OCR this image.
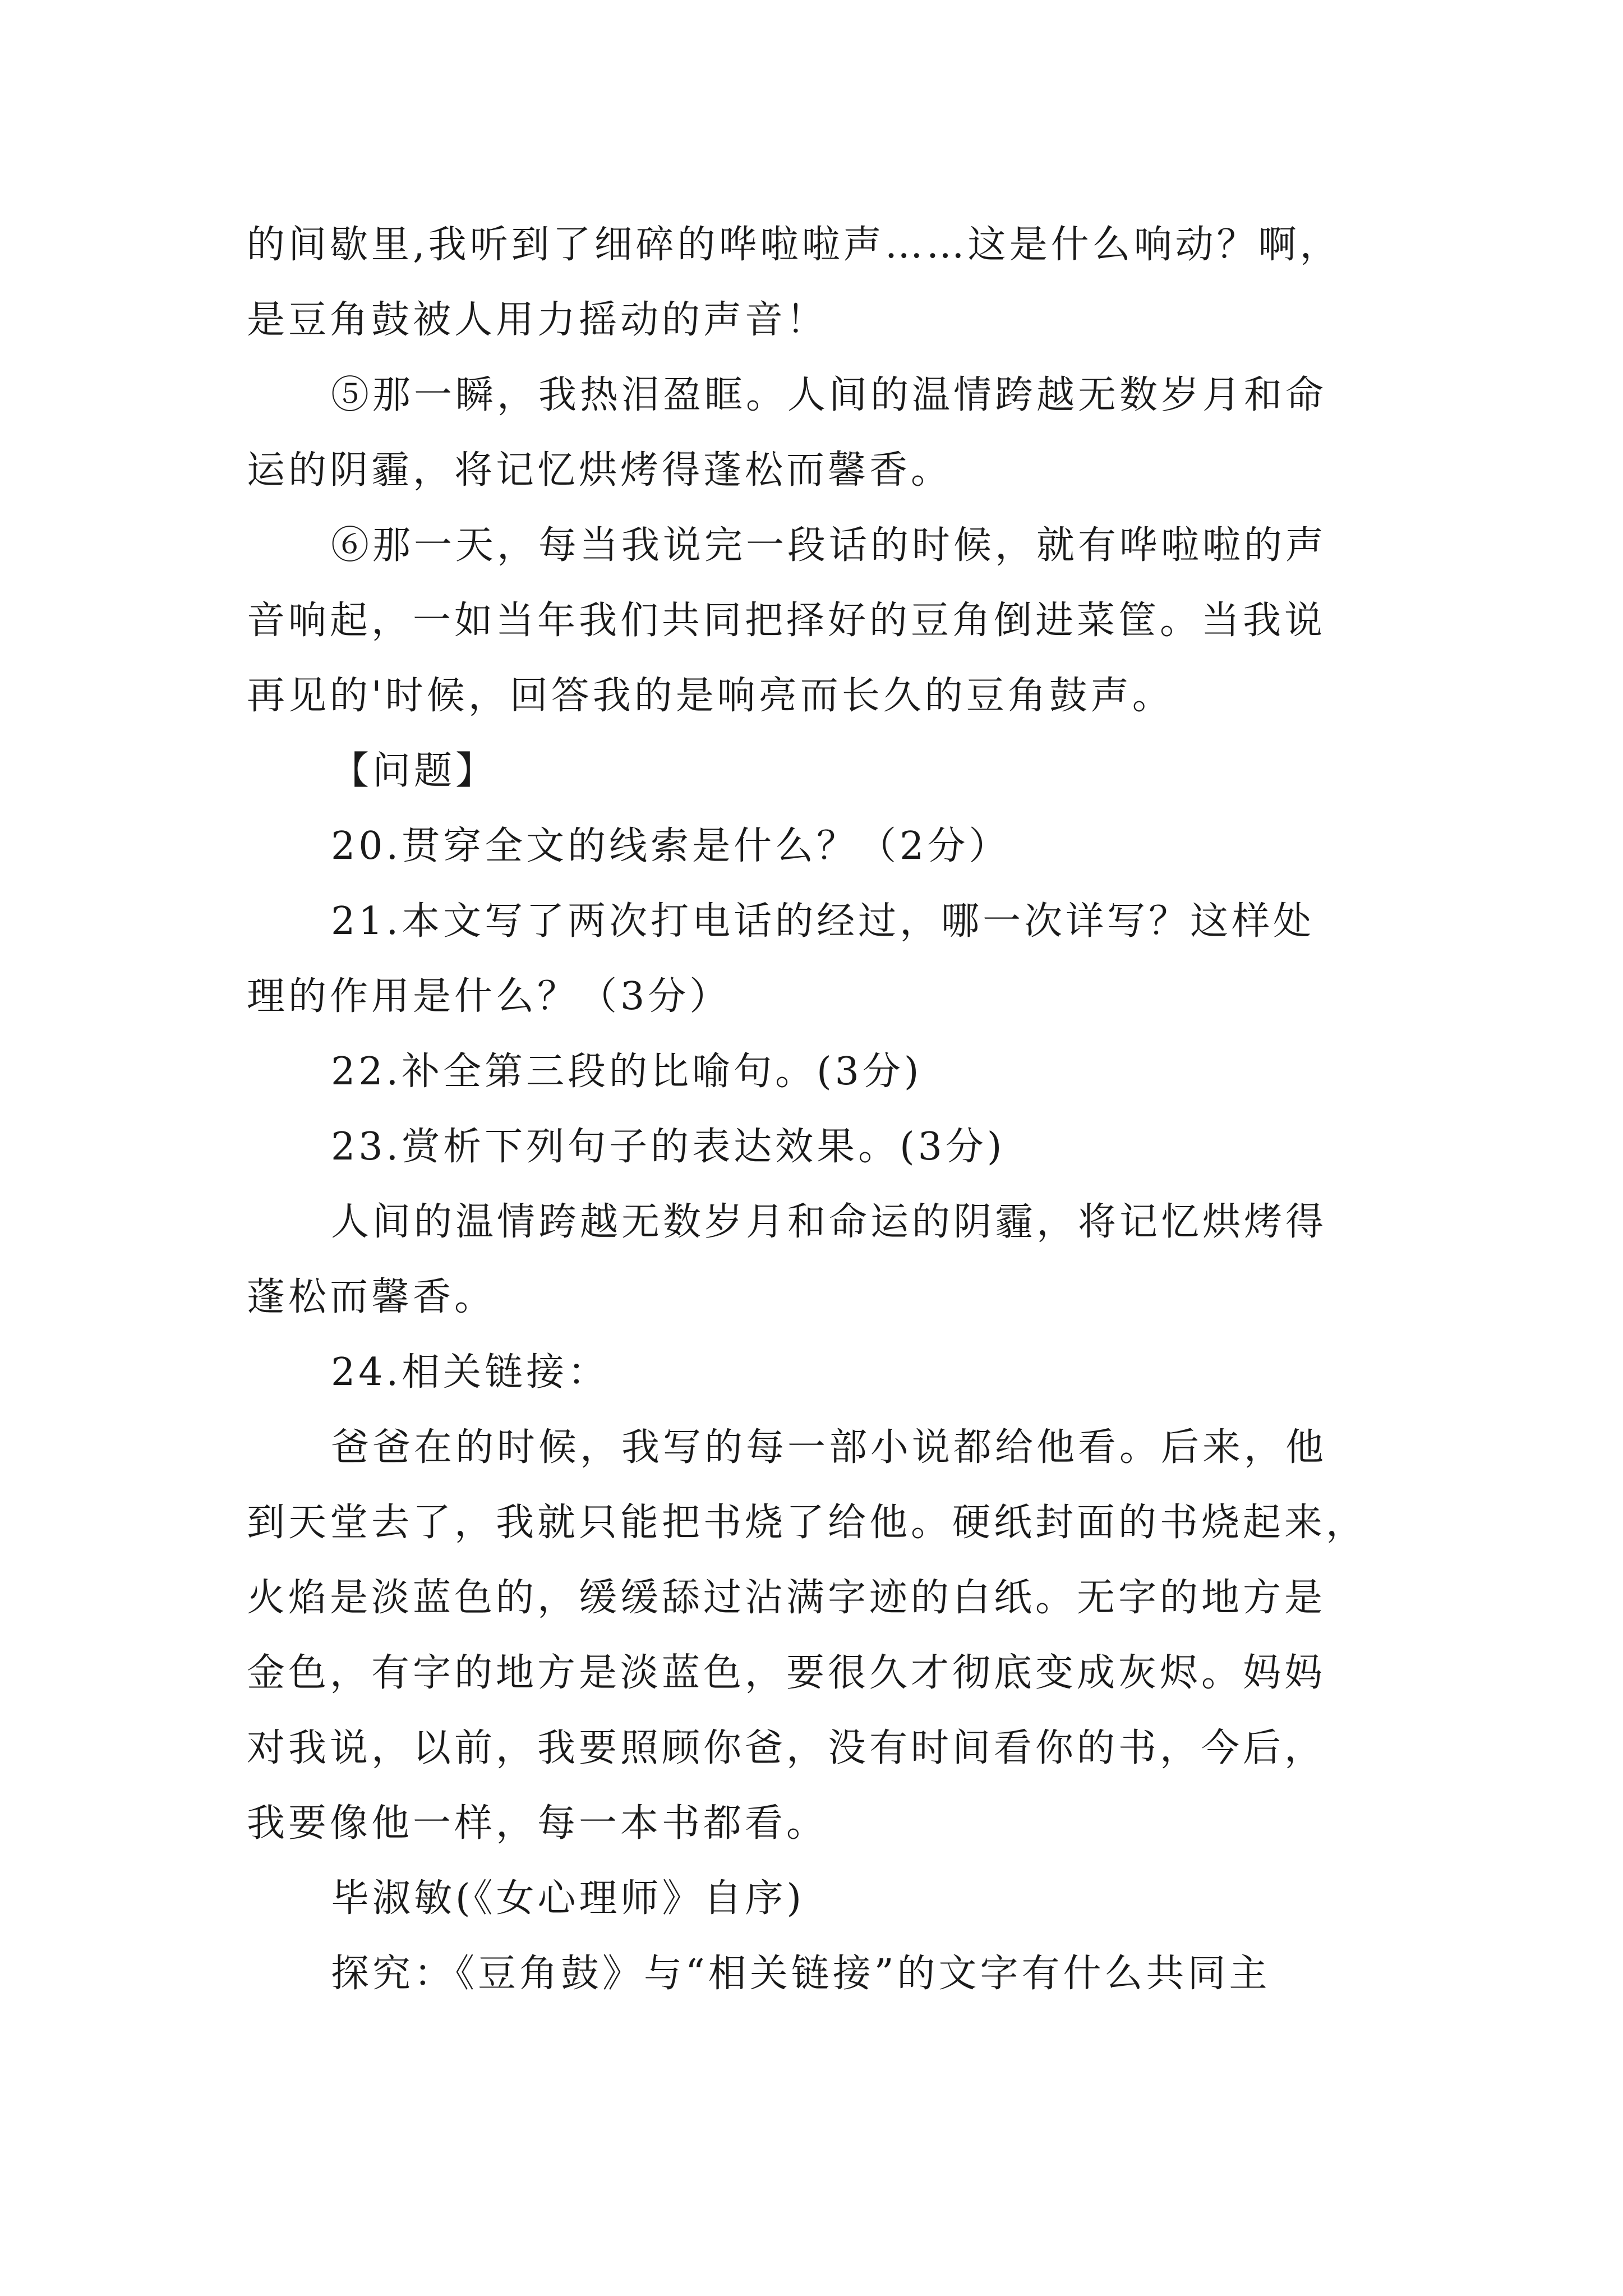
的间歇里,我听到了细碎的哗啦啦声……这是什么响动？啊，
是豆角鼓被人用力摇动的声音！
⑤那一瞬，我热泪盈眶。人间的温情跨越无数岁月和命
运的阴霾，将记忆烘烤得蓬松而馨香。
⑥那一天，每当我说完一段话的时候，就有哗啦啦的声
音响起，一如当年我们共同把择好的豆角倒进菜筐。当我说
再见的'时候，回答我的是响亮而长久的豆角鼓声。
【问题】
20.贯穿全文的线索是什么？（2分）
21.本文写了两次打电话的经过，哪一次详写？这样处
理的作用是什么？（3分）
22.补全第三段的比喻句。(3分)
23.赏析下列句子的表达效果。(3分)
人间的温情跨越无数岁月和命运的阴霾，将记忆烘烤得
蓬松而馨香。
24.相关链接：
爸爸在的时候，我写的每一部小说都给他看。后来，他
到天堂去了，我就只能把书烧了给他。硬纸封面的书烧起来，
火焰是淡蓝色的，缓缓舔过沾满字迹的白纸。无字的地方是
金色，有字的地方是淡蓝色，要很久才彻底变成灰烬。妈妈
对我说，以前，我要照顾你爸，没有时间看你的书，今后，
我要像他一样，每一本书都看。
毕淑敏(《女心理师》自序)
探究：《豆角鼓》与“相关链接”的文字有什么共同主
